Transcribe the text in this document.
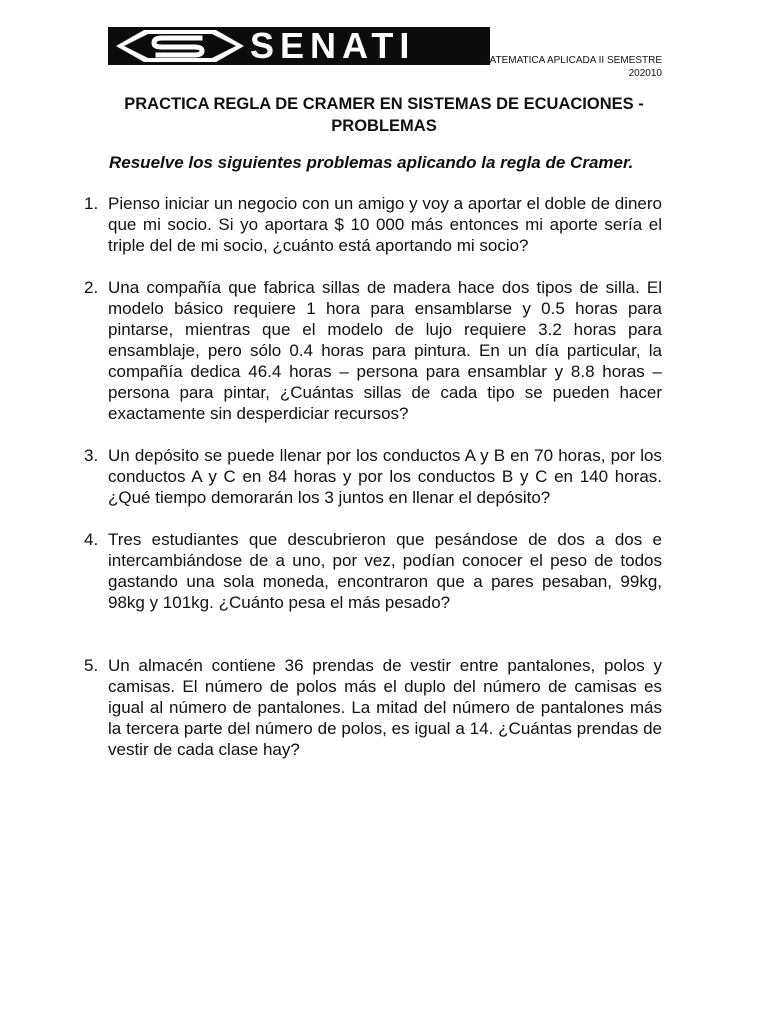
SENATI	MATEMATICA APLICADA II SEMESTRE
202010
PRACTICA REGLA DE CRAMER EN SISTEMAS DE ECUACIONES - PROBLEMAS

Resuelve los siguientes problemas aplicando la regla de Cramer.

1. Pienso iniciar un negocio con un amigo y voy a aportar el doble de dinero que mi socio. Si yo aportara $ 10 000 más entonces mi aporte sería el triple del de mi socio, ¿cuánto está aportando mi socio?
2. Una compañía que fabrica sillas de madera hace dos tipos de silla. El modelo básico requiere 1 hora para ensamblarse y 0.5 horas para pintarse, mientras que el modelo de lujo requiere 3.2 horas para ensamblaje, pero sólo 0.4 horas para pintura. En un día particular, la compañía dedica 46.4 horas – persona para ensamblar y 8.8 horas – persona para pintar, ¿Cuántas sillas de cada tipo se pueden hacer exactamente sin desperdiciar recursos?
3. Un depósito se puede llenar por los conductos A y B en 70 horas, por los conductos A y C en 84 horas y por los conductos B y C en 140 horas. ¿Qué tiempo demorarán los 3 juntos en llenar el depósito?
4. Tres estudiantes que descubrieron que pesándose de dos a dos e intercambiándose de a uno, por vez, podían conocer el peso de todos gastando una sola moneda, encontraron que a pares pesaban, 99kg, 98kg y 101kg. ¿Cuánto pesa el más pesado?
5. Un almacén contiene 36 prendas de vestir entre pantalones, polos y camisas. El número de polos más el duplo del número de camisas es igual al número de pantalones. La mitad del número de pantalones más la tercera parte del número de polos, es igual a 14. ¿Cuántas prendas de vestir de cada clase hay?
